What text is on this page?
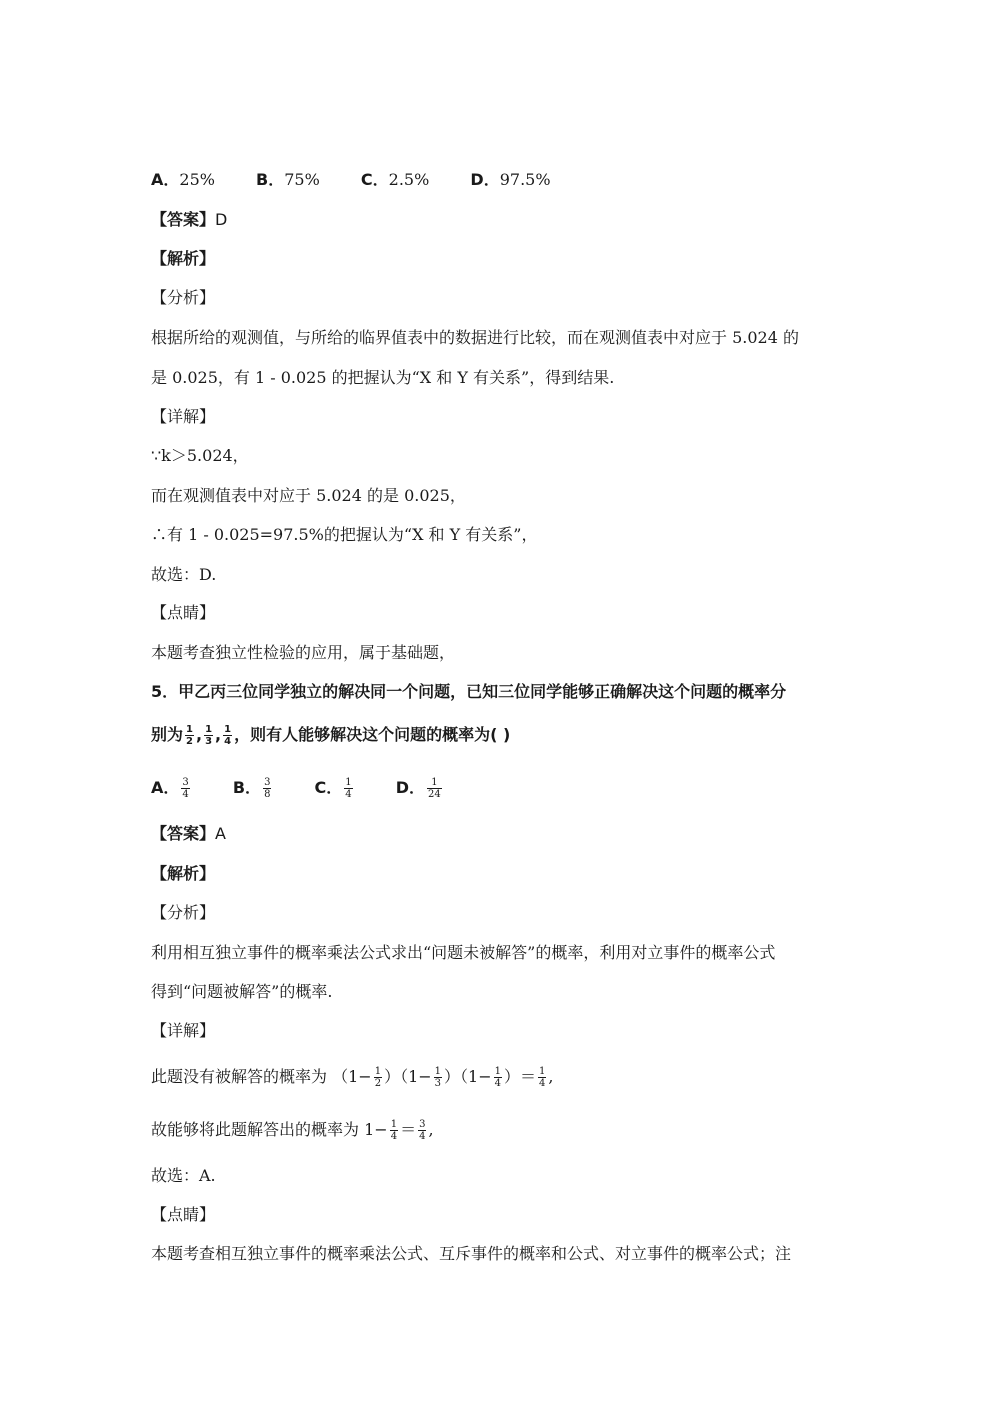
A．25%	B．75%	C．2.5%	D．97.5%
【答案】D
【解析】
【分析】
根据所给的观测值，与所给的临界值表中的数据进行比较，而在观测值表中对应于 5.024 的
是 0.025，有 1 - 0.025 的把握认为“X 和 Y 有关系”，得到结果.
【详解】
∵k＞5.024，
而在观测值表中对应于 5.024 的是 0.025，
∴有 1 - 0.025=97.5%的把握认为“X 和 Y 有关系”，
故选：D.
【点睛】
本题考查独立性检验的应用，属于基础题，
5．甲乙丙三位同学独立的解决同一个问题，已知三位同学能够正确解决这个问题的概率分
别为 $\frac{1}{2}$ , $\frac{1}{3}$ , $\frac{1}{4}$ ，则有人能够解决这个问题的概率为( )
A． $\frac{3}{4}$	B． $\frac{3}{8}$	C． $\frac{1}{4}$	D． $\frac{1}{24}$
【答案】A
【解析】
【分析】
利用相互独立事件的概率乘法公式求出“问题未被解答”的概率，利用对立事件的概率公式
得到“问题被解答”的概率.
【详解】
此题没有被解答的概率为 $(1- \frac{1}{2} )(1- \frac{1}{3} )(1- \frac{1}{4}$ ）＝ $\frac{1}{4}$ ,
故能够将此题解答出的概率为 $1- \frac{1}{4} = \frac{3}{4}$ ,
故选：A.
【点睛】
本题考查相互独立事件的概率乘法公式、互斥事件的概率和公式、对立事件的概率公式；注
